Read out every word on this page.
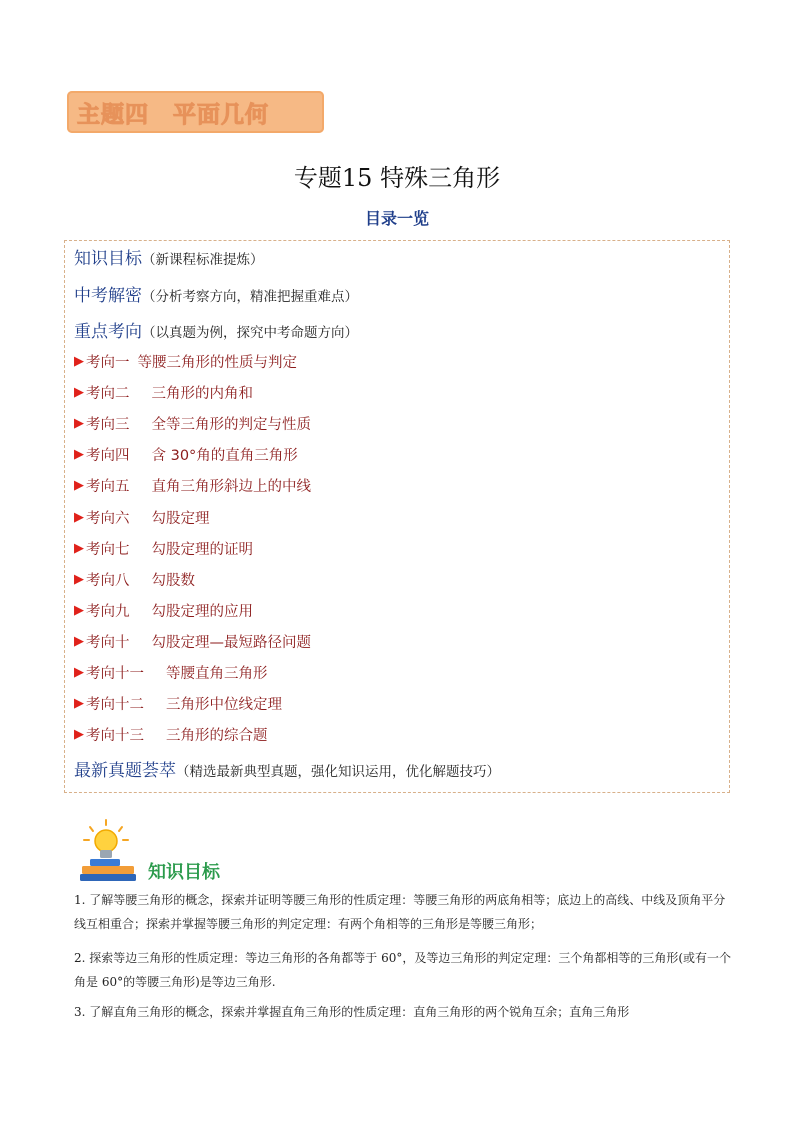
主题四　平面几何
专题15 特殊三角形
目录一览
知识目标（新课程标准提炼）
中考解密（分析考察方向，精准把握重难点）
重点考向（以真题为例，探究中考命题方向）
▶ 考向一 等腰三角形的性质与判定
▶ 考向二 三角形的内角和
▶ 考向三 全等三角形的判定与性质
▶ 考向四 含 30°角的直角三角形
▶ 考向五 直角三角形斜边上的中线
▶ 考向六 勾股定理
▶ 考向七 勾股定理的证明
▶ 考向八 勾股数
▶ 考向九 勾股定理的应用
▶ 考向十 勾股定理—最短路径问题
▶ 考向十一 等腰直角三角形
▶ 考向十二 三角形中位线定理
▶ 考向十三 三角形的综合题
最新真题荟萃（精选最新典型真题，强化知识运用，优化解题技巧）
知识目标
1. 了解等腰三角形的概念，探索并证明等腰三角形的性质定理：等腰三角形的两底角相等；底边上的高线、中线及顶角平分线互相重合；探索并掌握等腰三角形的判定定理：有两个角相等的三角形是等腰三角形；
2. 探索等边三角形的性质定理：等边三角形的各角都等于 60°，及等边三角形的判定定理：三个角都相等的三角形(或有一个角是 60°的等腰三角形)是等边三角形.
3. 了解直角三角形的概念，探索并掌握直角三角形的性质定理：直角三角形的两个锐角互余；直角三角形
